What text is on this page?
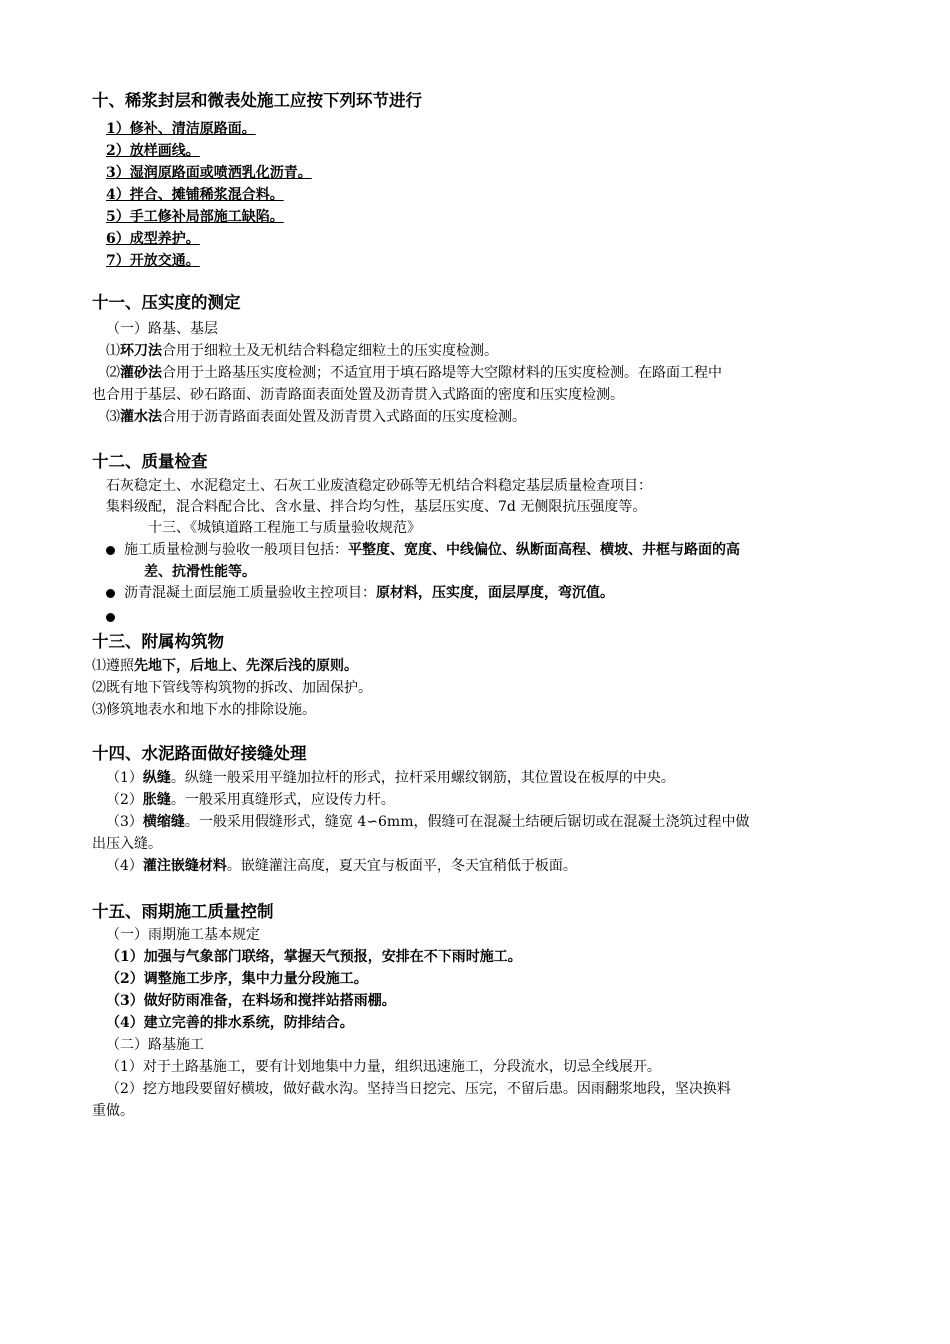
十、稀浆封层和微表处施工应按下列环节进行
1）修补、清洁原路面。
2）放样画线。
3）湿润原路面或喷洒乳化沥青。
4）拌合、摊铺稀浆混合料。
5）手工修补局部施工缺陷。
6）成型养护。
7）开放交通。
十一、压实度的测定
（一）路基、基层
⑴环刀法合用于细粒土及无机结合料稳定细粒土的压实度检测。
⑵灌砂法合用于土路基压实度检测；不适宜用于填石路堤等大空隙材料的压实度检测。在路面工程中
也合用于基层、砂石路面、沥青路面表面处置及沥青贯入式路面的密度和压实度检测。
⑶灌水法合用于沥青路面表面处置及沥青贯入式路面的压实度检测。
十二、质量检查
石灰稳定土、水泥稳定土、石灰工业废渣稳定砂砾等无机结合料稳定基层质量检查项目：
集料级配，混合料配合比、含水量、拌合均匀性，基层压实度、7d 无侧限抗压强度等。
十三、《城镇道路工程施工与质量验收规范》
施工质量检测与验收一般项目包括：平整度、宽度、中线偏位、纵断面高程、横坡、井框与路面的高
差、抗滑性能等。
沥青混凝土面层施工质量验收主控项目：原材料，压实度，面层厚度，弯沉值。
十三、附属构筑物
⑴遵照先地下，后地上、先深后浅的原则。
⑵既有地下管线等构筑物的拆改、加固保护。
⑶修筑地表水和地下水的排除设施。
十四、水泥路面做好接缝处理
（1）纵缝。纵缝一般采用平缝加拉杆的形式，拉杆采用螺纹钢筋，其位置设在板厚的中央。
（2）胀缝。一般采用真缝形式，应设传力杆。
（3）横缩缝。一般采用假缝形式，缝宽 4∽6mm，假缝可在混凝土结硬后锯切或在混凝土浇筑过程中做
出压入缝。
（4）灌注嵌缝材料。嵌缝灌注高度，夏天宜与板面平，冬天宜稍低于板面。
十五、雨期施工质量控制
（一）雨期施工基本规定
（1）加强与气象部门联络，掌握天气预报，安排在不下雨时施工。
（2）调整施工步序，集中力量分段施工。
（3）做好防雨准备，在料场和搅拌站搭雨棚。
（4）建立完善的排水系统，防排结合。
（二）路基施工
（1）对于土路基施工，要有计划地集中力量，组织迅速施工，分段流水，切忌全线展开。
（2）挖方地段要留好横坡，做好截水沟。坚持当日挖完、压完，不留后患。因雨翻浆地段，坚决换料
重做。
